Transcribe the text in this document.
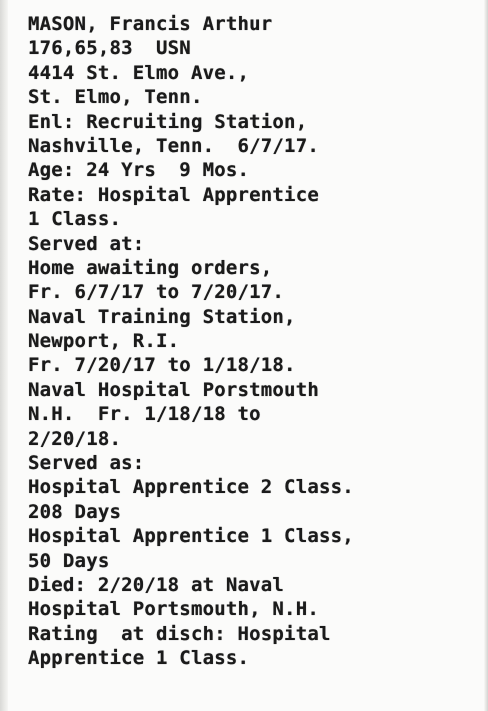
MASON, Francis Arthur
176,65,83  USN
4414 St. Elmo Ave.,
St. Elmo, Tenn.
Enl: Recruiting Station,
Nashville, Tenn.  6/7/17.
Age: 24 Yrs  9 Mos.
Rate: Hospital Apprentice
1 Class.
Served at:
Home awaiting orders,
Fr. 6/7/17 to 7/20/17.
Naval Training Station,
Newport, R.I.
Fr. 7/20/17 to 1/18/18.
Naval Hospital Porstmouth
N.H.  Fr. 1/18/18 to
2/20/18.
Served as:
Hospital Apprentice 2 Class.
208 Days
Hospital Apprentice 1 Class,
50 Days
Died: 2/20/18 at Naval
Hospital Portsmouth, N.H.
Rating  at disch: Hospital
Apprentice 1 Class.
